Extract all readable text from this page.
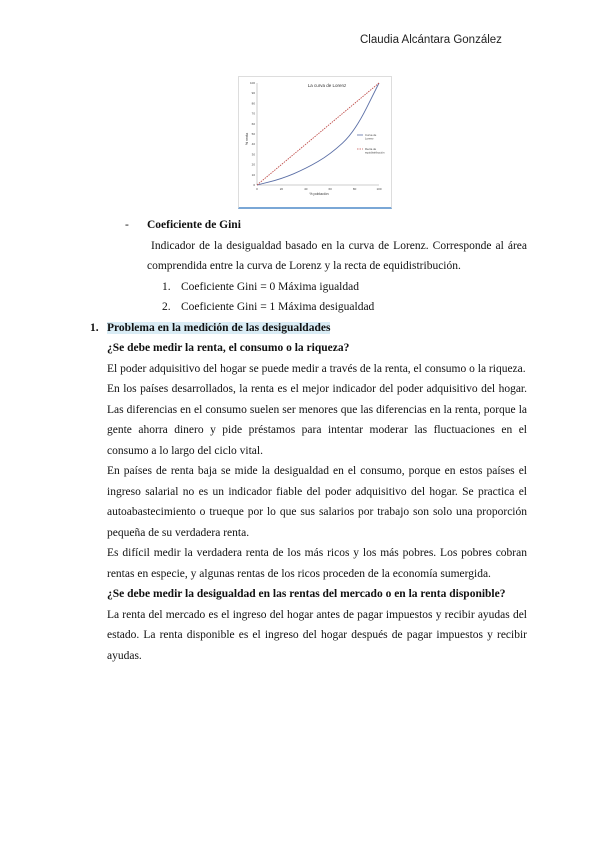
Claudia Alcántara González
La curva de Lorenz
% renta
% población
0
10
20
30
40
50
60
70
80
90
100
0	20	40	60	80	100
Curva de Lorenz
Recta de equidistribución

- Coeficiente de Gini

Indicador de la desigualdad basado en la curva de Lorenz. Corresponde al área comprendida entre la curva de Lorenz y la recta de equidistribución.

1. Coeficiente Gini = 0 Máxima igualdad
2. Coeficiente Gini = 1 Máxima desigualdad

1. Problema en la medición de las desigualdades

¿Se debe medir la renta, el consumo o la riqueza?

El poder adquisitivo del hogar se puede medir a través de la renta, el consumo o la riqueza.

En los países desarrollados, la renta es el mejor indicador del poder adquisitivo del hogar. Las diferencias en el consumo suelen ser menores que las diferencias en la renta, porque la gente ahorra dinero y pide préstamos para intentar moderar las fluctuaciones en el consumo a lo largo del ciclo vital.

En países de renta baja se mide la desigualdad en el consumo, porque en estos países el ingreso salarial no es un indicador fiable del poder adquisitivo del hogar. Se practica el autoabastecimiento o trueque por lo que sus salarios por trabajo son solo una proporción pequeña de su verdadera renta.

Es difícil medir la verdadera renta de los más ricos y los más pobres. Los pobres cobran rentas en especie, y algunas rentas de los ricos proceden de la economía sumergida.

¿Se debe medir la desigualdad en las rentas del mercado o en la renta disponible?

La renta del mercado es el ingreso del hogar antes de pagar impuestos y recibir ayudas del estado. La renta disponible es el ingreso del hogar después de pagar impuestos y recibir ayudas.
